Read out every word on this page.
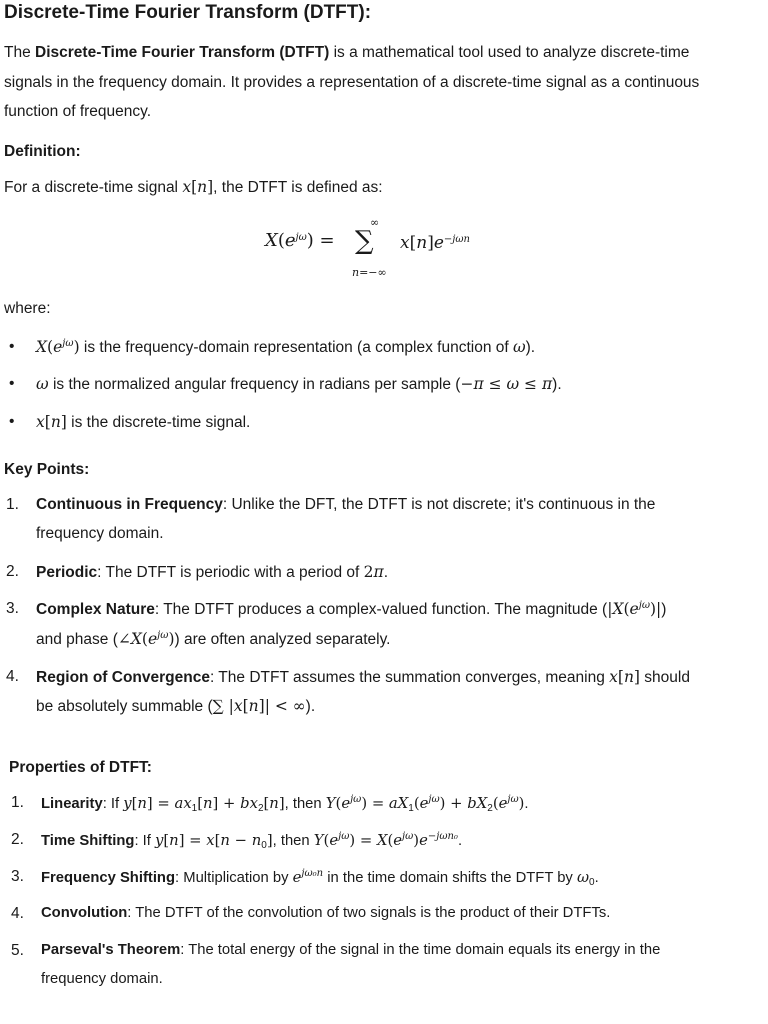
Discrete-Time Fourier Transform (DTFT):
The Discrete-Time Fourier Transform (DTFT) is a mathematical tool used to analyze discrete-time signals in the frequency domain. It provides a representation of a discrete-time signal as a continuous function of frequency.
Definition:
For a discrete-time signal x[n], the DTFT is defined as:
$X(e^{j\omega})$ =
∞
∑
n=−∞
$x[n]e^{-j\omega n}$
where:
• $X(e^{j\omega})$ is the frequency-domain representation (a complex function of ω).
• ω is the normalized angular frequency in radians per sample (−π ≤ ω ≤ π).
• x[n] is the discrete-time signal.
Key Points:
1. Continuous in Frequency: Unlike the DFT, the DTFT is not discrete; it's continuous in the
frequency domain.
2. Periodic: The DTFT is periodic with a period of 2π.
3. Complex Nature: The DTFT produces a complex-valued function. The magnitude $(|X(e^{j\omega})|)$
and phase $(\angle X(e^{j\omega}))$ are often analyzed separately.
4. Region of Convergence: The DTFT assumes the summation converges, meaning x[n] should
be absolutely summable (∑ |x[n]| < ∞).
Properties of DTFT:
1. Linearity: If $y[n] = ax_1[n] + bx_2[n]$, then $Y(e^{j\omega}) = aX_1(e^{j\omega}) + bX_2(e^{j\omega})$.
2. Time Shifting: If $y[n] = x[n - n_0]$, then $Y(e^{j\omega}) = X(e^{j\omega})e^{-j\omega n_0}$.
3. Frequency Shifting: Multiplication by $e^{j\omega_0n}$ in the time domain shifts the DTFT by $\omega_0$.
4. Convolution: The DTFT of the convolution of two signals is the product of their DTFTs.
5. Parseval's Theorem: The total energy of the signal in the time domain equals its energy in the
frequency domain.
